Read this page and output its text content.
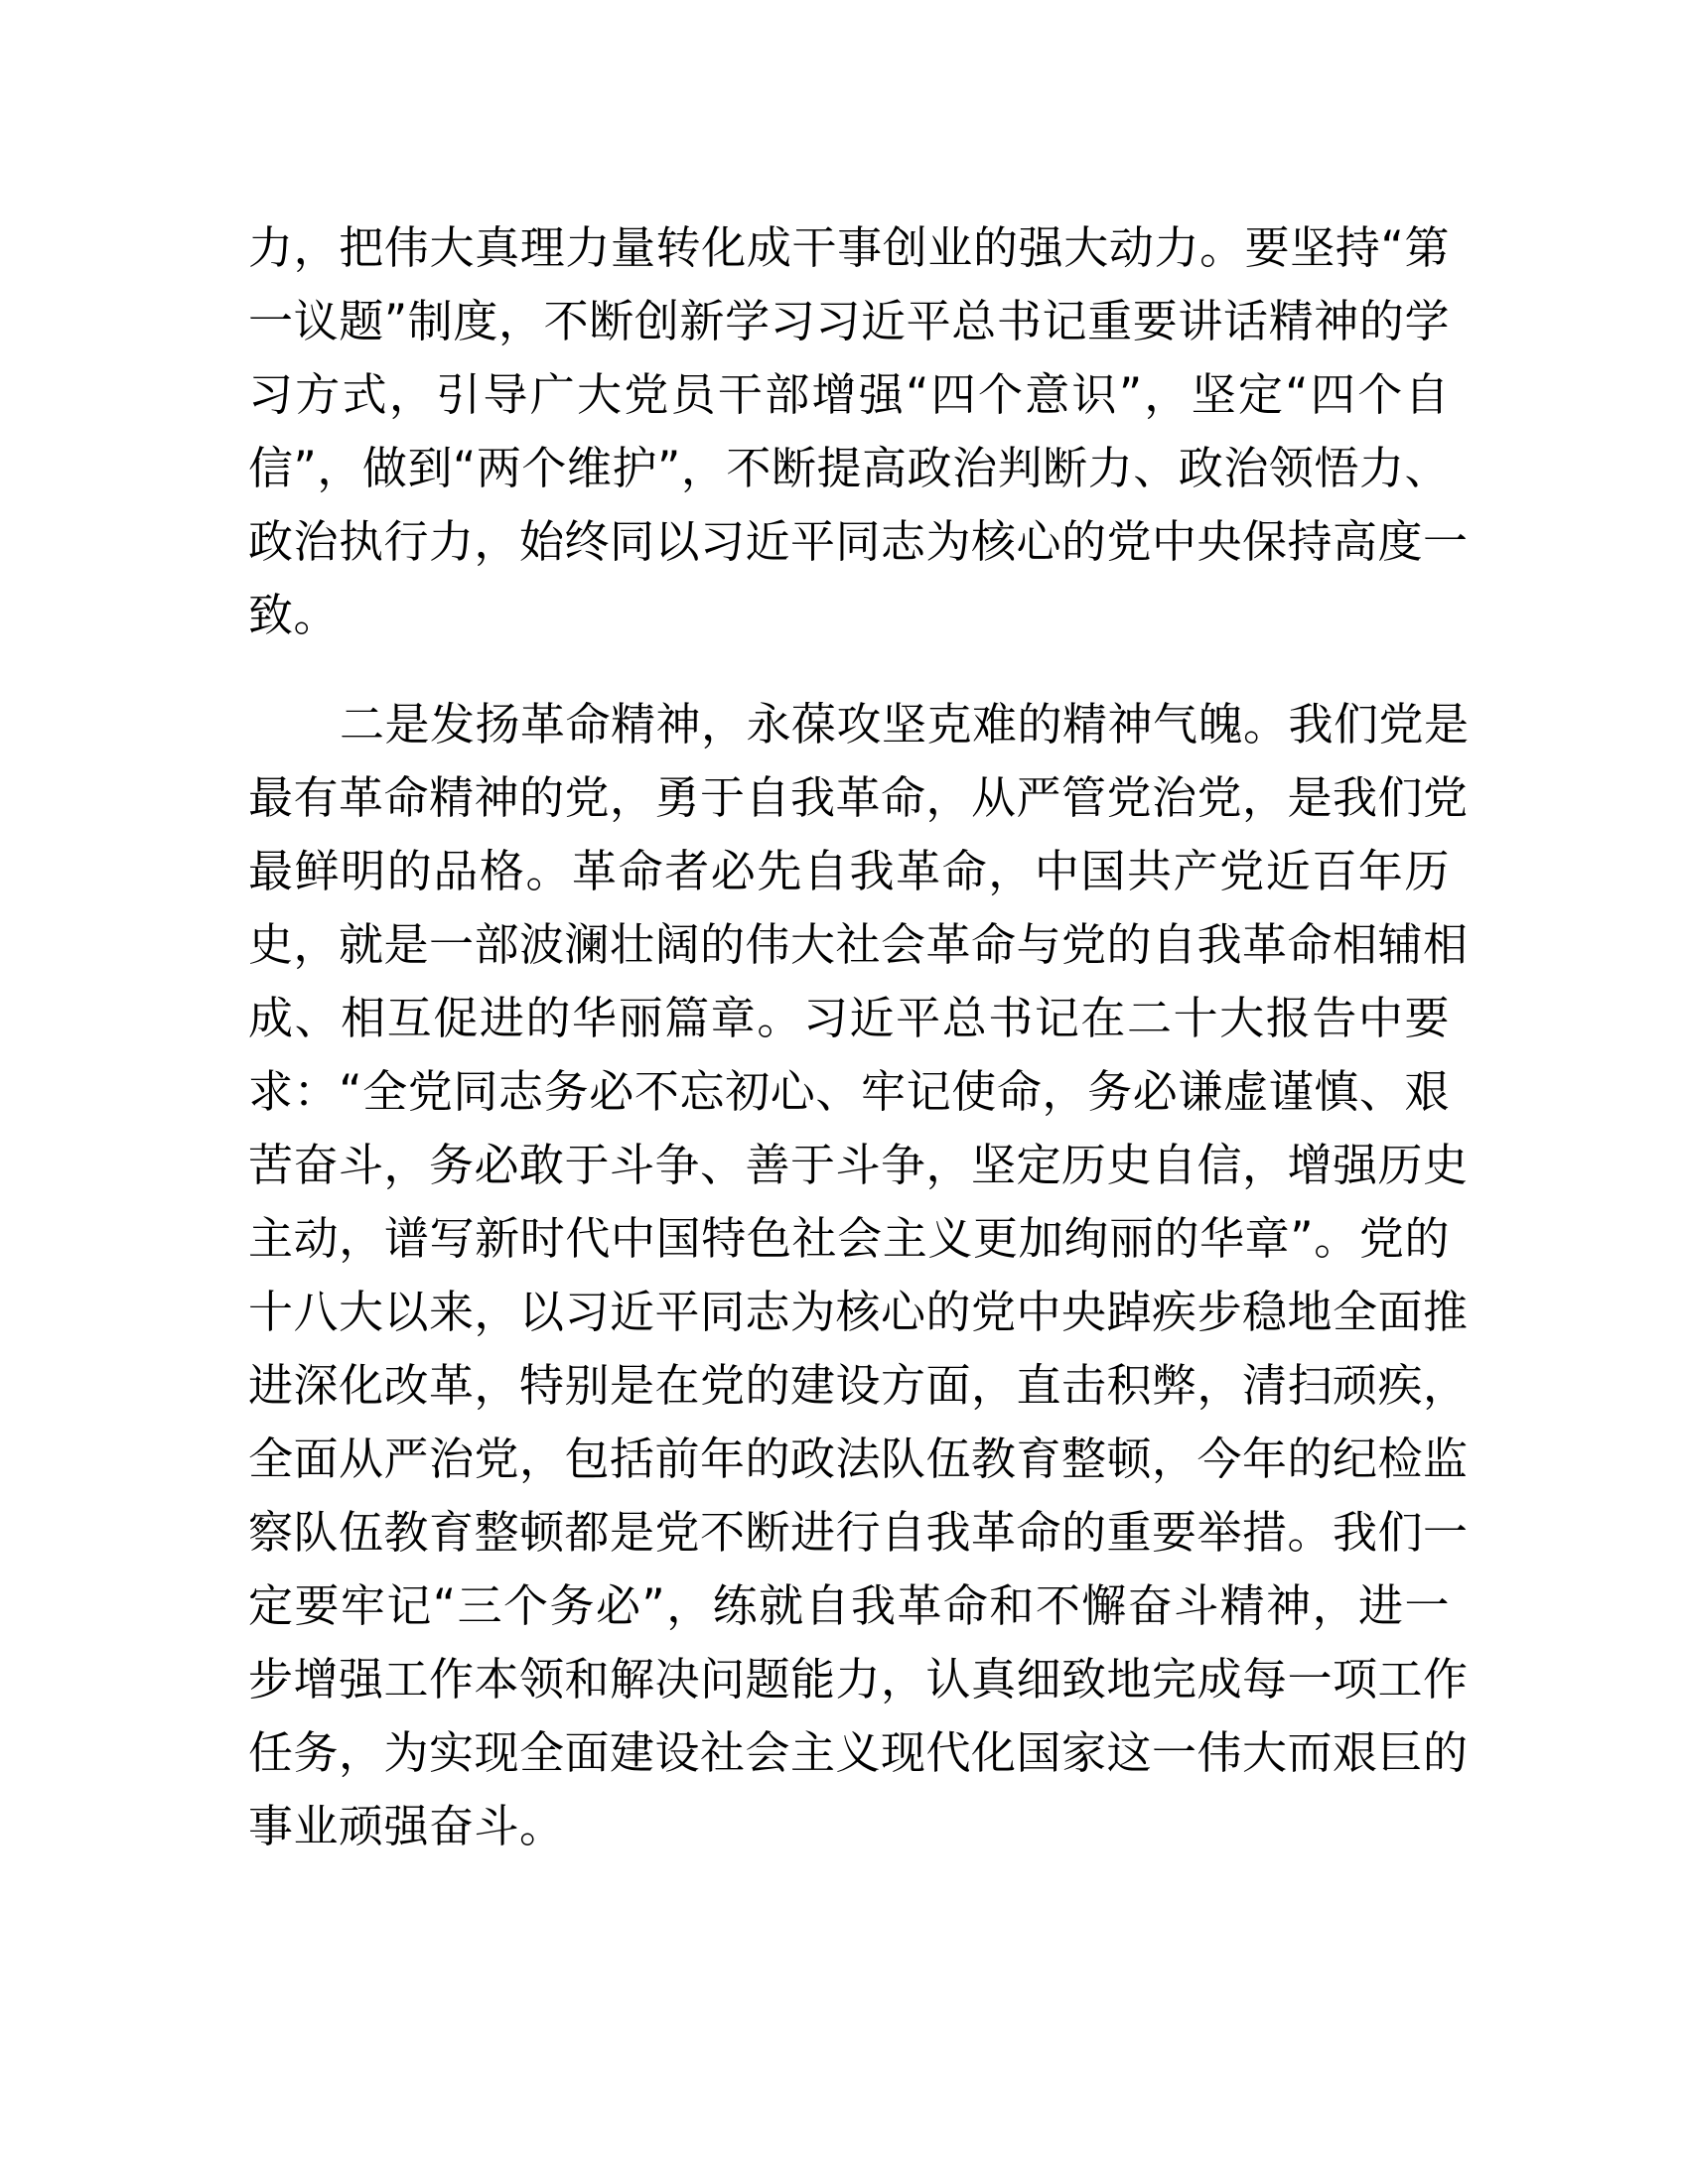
力，把伟大真理力量转化成干事创业的强大动力。要坚持“第
一议题”制度，不断创新学习习近平总书记重要讲话精神的学
习方式，引导广大党员干部增强“四个意识”，坚定“四个自
信”，做到“两个维护”，不断提高政治判断力、政治领悟力、
政治执行力，始终同以习近平同志为核心的党中央保持高度一
致。
二是发扬革命精神，永葆攻坚克难的精神气魄。我们党是
最有革命精神的党，勇于自我革命，从严管党治党，是我们党
最鲜明的品格。革命者必先自我革命，中国共产党近百年历
史，就是一部波澜壮阔的伟大社会革命与党的自我革命相辅相
成、相互促进的华丽篇章。习近平总书记在二十大报告中要
求：“全党同志务必不忘初心、牢记使命，务必谦虚谨慎、艰
苦奋斗，务必敢于斗争、善于斗争，坚定历史自信，增强历史
主动，谱写新时代中国特色社会主义更加绚丽的华章”。党的
十八大以来，以习近平同志为核心的党中央踔疾步稳地全面推
进深化改革，特别是在党的建设方面，直击积弊，清扫顽疾，
全面从严治党，包括前年的政法队伍教育整顿，今年的纪检监
察队伍教育整顿都是党不断进行自我革命的重要举措。我们一
定要牢记“三个务必”，练就自我革命和不懈奋斗精神，进一
步增强工作本领和解决问题能力，认真细致地完成每一项工作
任务，为实现全面建设社会主义现代化国家这一伟大而艰巨的
事业顽强奋斗。
